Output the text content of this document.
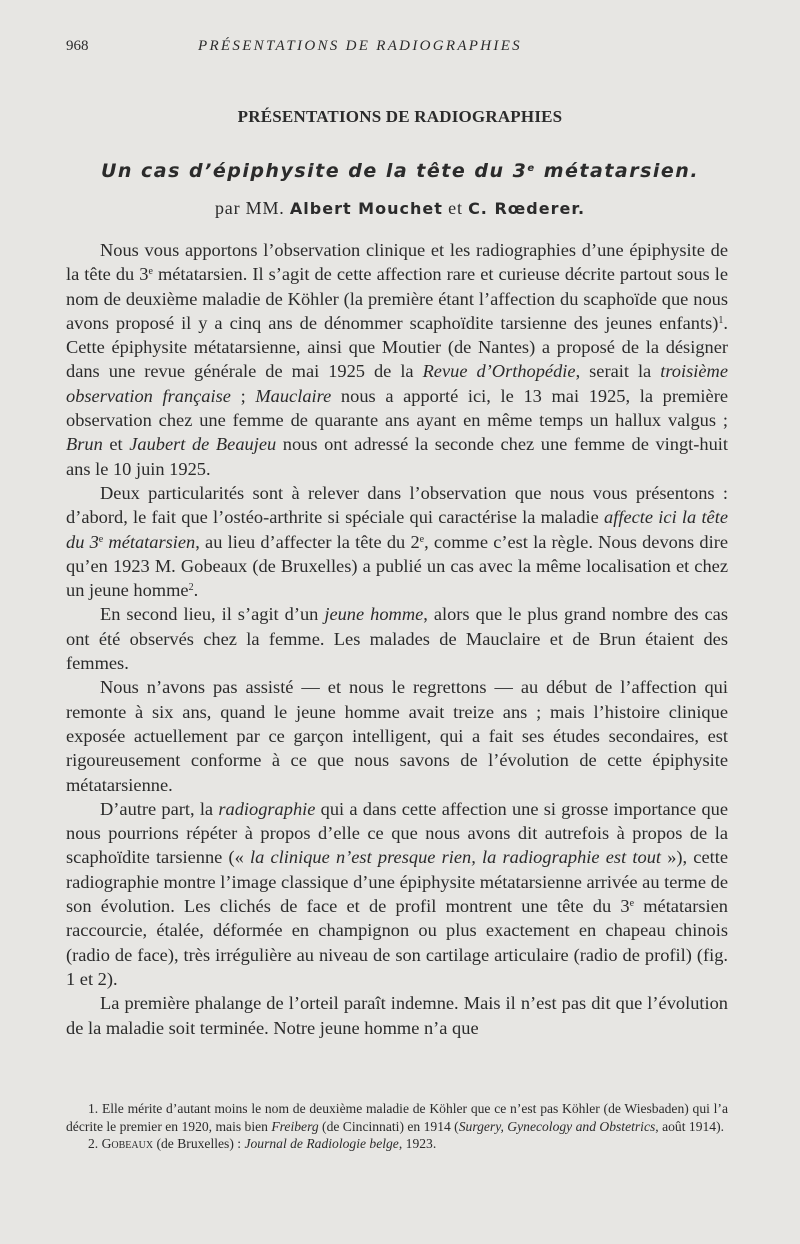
968	PRÉSENTATIONS DE RADIOGRAPHIES
PRÉSENTATIONS DE RADIOGRAPHIES
Un cas d’épiphysite de la tête du 3e métatarsien.
par MM. Albert Mouchet et C. Rœderer.

Nous vous apportons l’observation clinique et les radiographies d’une épiphysite de la tête du 3e métatarsien. Il s’agit de cette affection rare et curieuse décrite partout sous le nom de deuxième maladie de Köhler (la première étant l’affection du scaphoïde que nous avons proposé il y a cinq ans de dénommer scaphoïdite tarsienne des jeunes enfants)$^1$. Cette épiphysite métatarsienne, ainsi que Moutier (de Nantes) a proposé de la désigner dans une revue générale de mai 1925 de la Revue d’Orthopédie, serait la troisième observation française ; Mauclaire nous a apporté ici, le 13 mai 1925, la première observation chez une femme de quarante ans ayant en même temps un hallux valgus ; Brun et Jaubert de Beaujeu nous ont adressé la seconde chez une femme de vingt-huit ans le 10 juin 1925.

Deux particularités sont à relever dans l’observation que nous vous présentons : d’abord, le fait que l’ostéo-arthrite si spéciale qui caractérise la maladie affecte ici la tête du 3e métatarsien, au lieu d’affecter la tête du 2e, comme c’est la règle. Nous devons dire qu’en 1923 M. Gobeaux (de Bruxelles) a publié un cas avec la même localisation et chez un jeune homme$^2$.

En second lieu, il s’agit d’un jeune homme, alors que le plus grand nombre des cas ont été observés chez la femme. Les malades de Mauclaire et de Brun étaient des femmes.

Nous n’avons pas assisté — et nous le regrettons — au début de l’affection qui remonte à six ans, quand le jeune homme avait treize ans ; mais l’histoire clinique exposée actuellement par ce garçon intelligent, qui a fait ses études secondaires, est rigoureusement conforme à ce que nous savons de l’évolution de cette épiphysite métatarsienne.

D’autre part, la radiographie qui a dans cette affection une si grosse importance que nous pourrions répéter à propos d’elle ce que nous avons dit autrefois à propos de la scaphoïdite tarsienne (« la clinique n’est presque rien, la radiographie est tout »), cette radiographie montre l’image classique d’une épiphysite métatarsienne arrivée au terme de son évolution. Les clichés de face et de profil montrent une tête du 3e métatarsien raccourcie, étalée, déformée en champignon ou plus exactement en chapeau chinois (radio de face), très irrégulière au niveau de son cartilage articulaire (radio de profil) (fig. 1 et 2).

La première phalange de l’orteil paraît indemne. Mais il n’est pas dit que l’évolution de la maladie soit terminée. Notre jeune homme n’a que

1. Elle mérite d’autant moins le nom de deuxième maladie de Köhler que ce n’est pas Köhler (de Wiesbaden) qui l’a décrite le premier en 1920, mais bien Freiberg (de Cincinnati) en 1914 (Surgery, Gynecology and Obstetrics, août 1914).

2. Gobeaux (de Bruxelles) : Journal de Radiologie belge, 1923.
